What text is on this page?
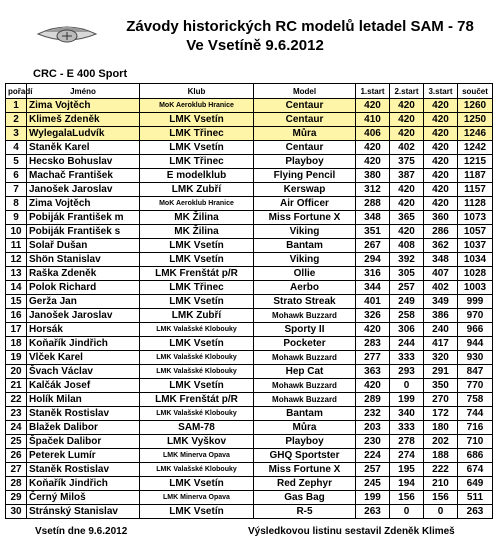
Závody historických RC modelů letadel SAM - 78
Ve Vsetíně 9.6.2012
CRC - E 400 Sport
pořadí	Jméno	Klub	Model	1.start	2.start	3.start	součet
1	Zima Vojtěch	MoK Aeroklub Hranice	Centaur	420	420	420	1260
2	Klimeš Zdeněk	LMK Vsetín	Centaur	410	420	420	1250
3	WylegalaLudvík	LMK Třinec	Můra	406	420	420	1246
4	Staněk Karel	LMK Vsetín	Centaur	420	402	420	1242
5	Hecsko Bohuslav	LMK Třinec	Playboy	420	375	420	1215
6	Machač František	E modelklub	Flying Pencil	380	387	420	1187
7	Janošek Jaroslav	LMK Zubří	Kerswap	312	420	420	1157
8	Zima Vojtěch	MoK Aeroklub Hranice	Air Officer	288	420	420	1128
9	Pobiják František m	MK Žilina	Miss Fortune X	348	365	360	1073
10	Pobiják František s	MK Žilina	Viking	351	420	286	1057
11	Solař Dušan	LMK Vsetín	Bantam	267	408	362	1037
12	Shön Stanislav	LMK Vsetín	Viking	294	392	348	1034
13	Raška Zdeněk	LMK Frenštát p/R	Ollie	316	305	407	1028
14	Polok Richard	LMK Třinec	Aerbo	344	257	402	1003
15	Gerža Jan	LMK Vsetín	Strato Streak	401	249	349	999
16	Janošek Jaroslav	LMK Zubří	Mohawk Buzzard	326	258	386	970
17	Horsák	LMK Valašské Klobouky	Sporty II	420	306	240	966
18	Koňařík Jindřich	LMK Vsetín	Pocketer	283	244	417	944
19	Vlček Karel	LMK Valašské Klobouky	Mohawk Buzzard	277	333	320	930
20	Švach Václav	LMK Valašské Klobouky	Hep Cat	363	293	291	847
21	Kalčák Josef	LMK Vsetín	Mohawk Buzzard	420	0	350	770
22	Holík Milan	LMK Frenštát p/R	Mohawk Buzzard	289	199	270	758
23	Staněk Rostislav	LMK Valašské Klobouky	Bantam	232	340	172	744
24	Blažek Dalibor	SAM-78	Můra	203	333	180	716
25	Špaček Dalibor	LMK Vyškov	Playboy	230	278	202	710
26	Peterek Lumír	LMK Minerva Opava	GHQ Sportster	224	274	188	686
27	Staněk Rostislav	LMK Valašské Klobouky	Miss Fortune X	257	195	222	674
28	Koňařík Jindřich	LMK Vsetín	Red Zephyr	245	194	210	649
29	Černý Miloš	LMK Minerva Opava	Gas Bag	199	156	156	511
30	Stránský Stanislav	LMK Vsetín	R-5	263	0	0	263
Vsetín dne 9.6.2012	Výsledkovou listinu sestavil Zdeněk Klimeš
